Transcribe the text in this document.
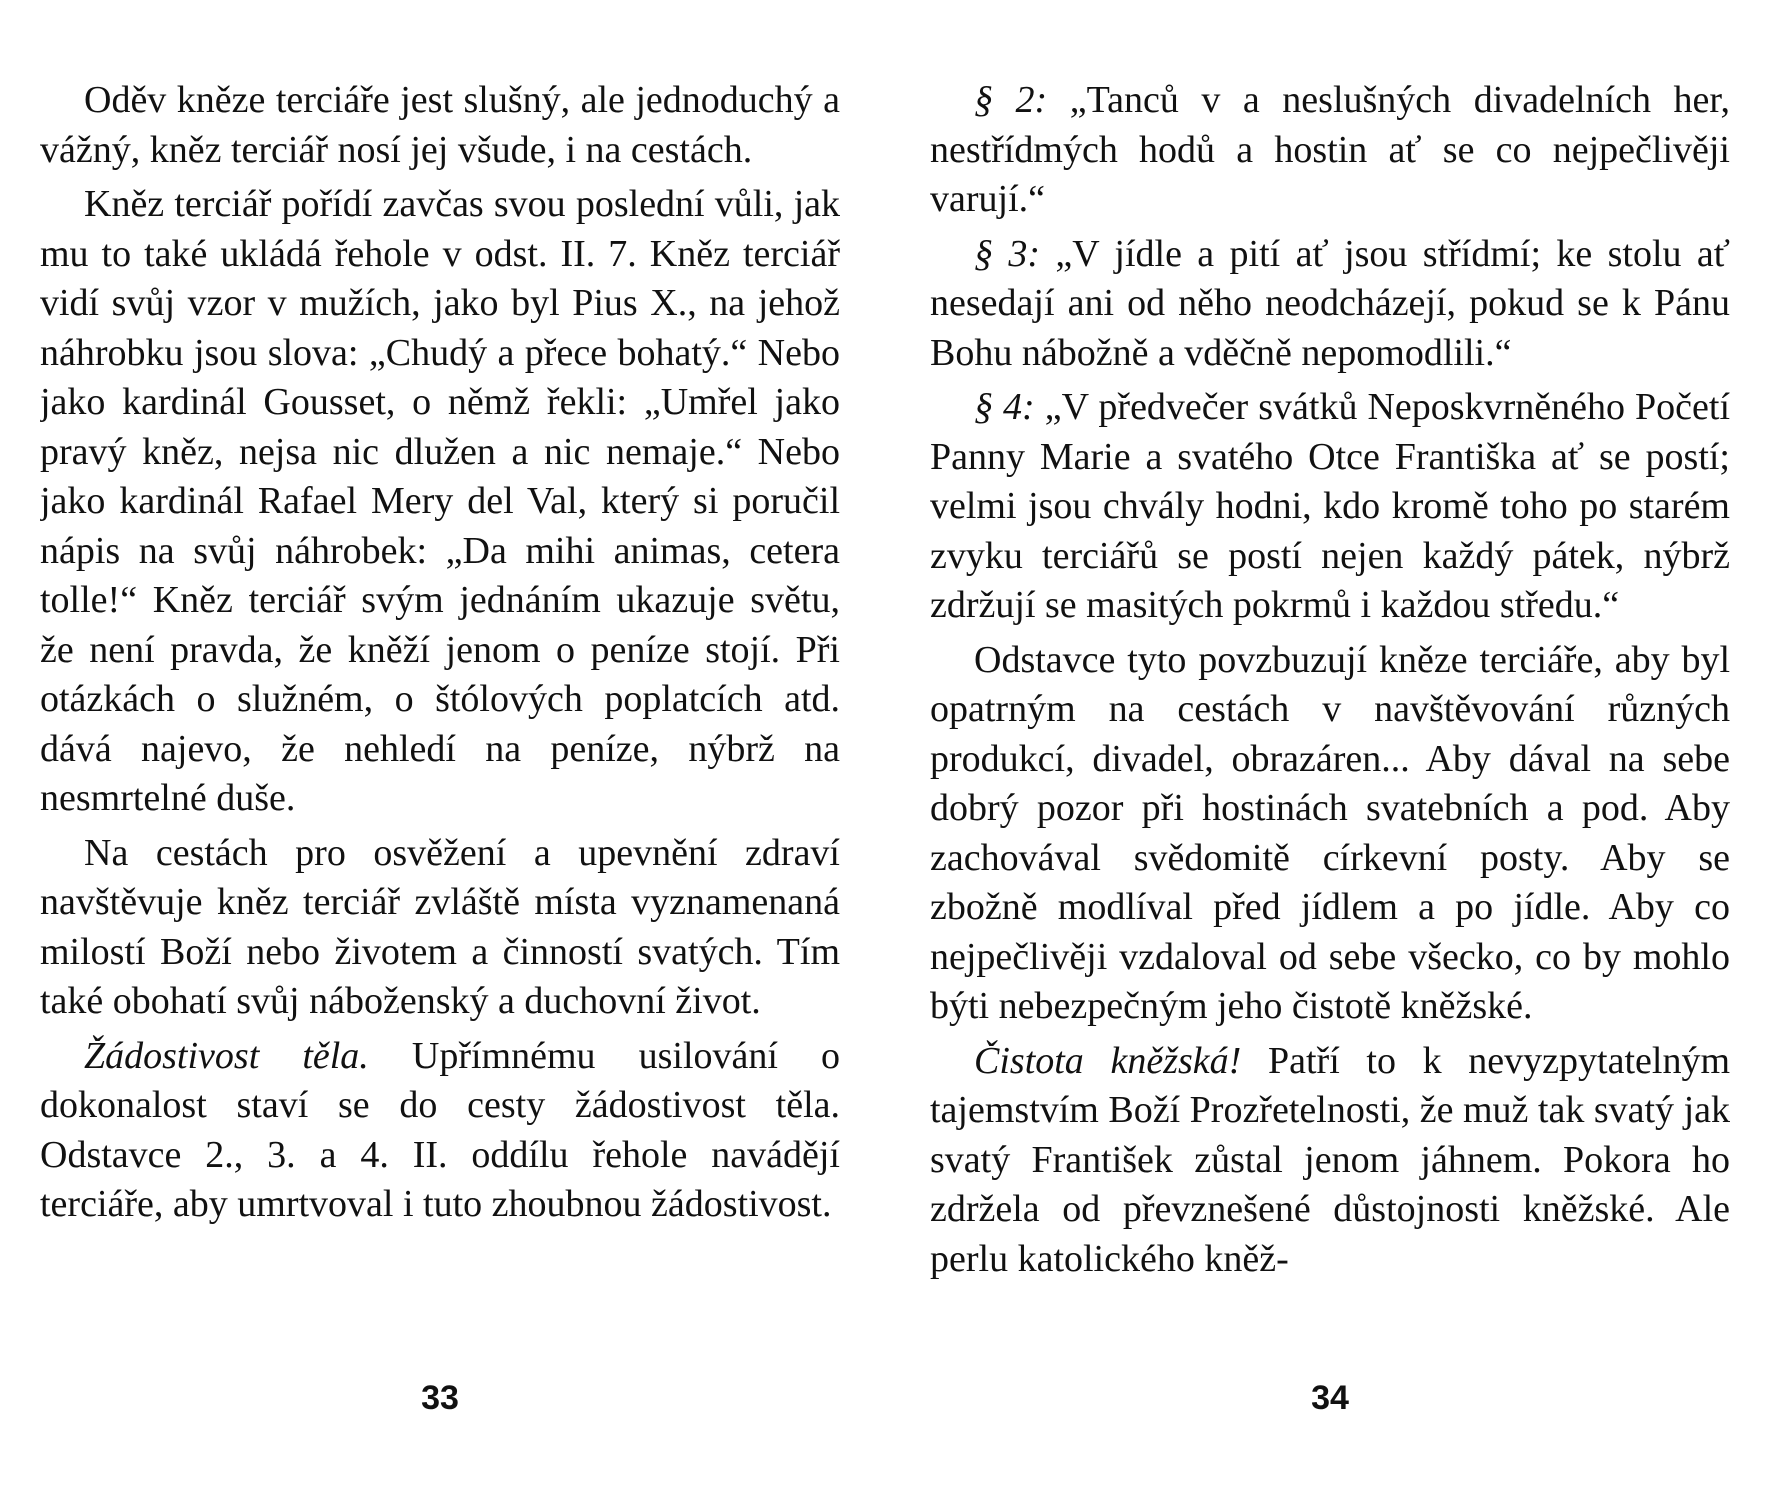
Oděv kněze terciáře jest slušný, ale jednoduchý a vážný, kněz terciář nosí jej všude, i na cestách.

Kněz terciář pořídí zavčas svou poslední vůli, jak mu to také ukládá řehole v odst. II. 7. Kněz terciář vidí svůj vzor v mužích, jako byl Pius X., na jehož náhrobku jsou slova: „Chudý a přece bohatý.“ Nebo jako kardinál Gousset, o němž řekli: „Umřel jako pravý kněz, nejsa nic dlužen a nic nemaje.“ Nebo jako kardinál Rafael Mery del Val, který si poručil nápis na svůj náhrobek: „Da mihi animas, cetera tolle!“ Kněz terciář svým jednáním ukazuje světu, že není pravda, že kněží jenom o peníze stojí. Při otázkách o služném, o štólových poplatcích atd. dává najevo, že nehledí na peníze, nýbrž na nesmrtelné duše.

Na cestách pro osvěžení a upevnění zdraví navštěvuje kněz terciář zvláště místa vyznamenaná milostí Boží nebo životem a činností svatých. Tím také obohatí svůj náboženský a duchovní život.

Žádostivost těla. Upřímnému usilování o dokonalost staví se do cesty žádostivost těla. Odstavce 2., 3. a 4. II. oddílu řehole navádějí terciáře, aby umrtvoval i tuto zhoubnou žádostivost.

33

§ 2: „Tanců v a neslušných divadelních her, nestřídmých hodů a hostin ať se co nejpečlivěji varují.“

§ 3: „V jídle a pití ať jsou střídmí; ke stolu ať nesedají ani od něho neodcházejí, pokud se k Pánu Bohu nábožně a vděčně nepomodlili.“

§ 4: „V předvečer svátků Neposkvrněného Početí Panny Marie a svatého Otce Františka ať se postí; velmi jsou chvály hodni, kdo kromě toho po starém zvyku terciářů se postí nejen každý pátek, nýbrž zdržují se masitých pokrmů i každou středu.“

Odstavce tyto povzbuzují kněze terciáře, aby byl opatrným na cestách v navštěvování různých produkcí, divadel, obrazáren... Aby dával na sebe dobrý pozor při hostinách svatebních a pod. Aby zachovával svědomitě církevní posty. Aby se zbožně modlíval před jídlem a po jídle. Aby co nejpečlivěji vzdaloval od sebe všecko, co by mohlo býti nebezpečným jeho čistotě kněžské.

Čistota kněžská! Patří to k nevyzpytatelným tajemstvím Boží Prozřetelnosti, že muž tak svatý jak svatý František zůstal jenom jáhnem. Pokora ho zdržela od převznešené důstojnosti kněžské. Ale perlu katolického kněž-

34
